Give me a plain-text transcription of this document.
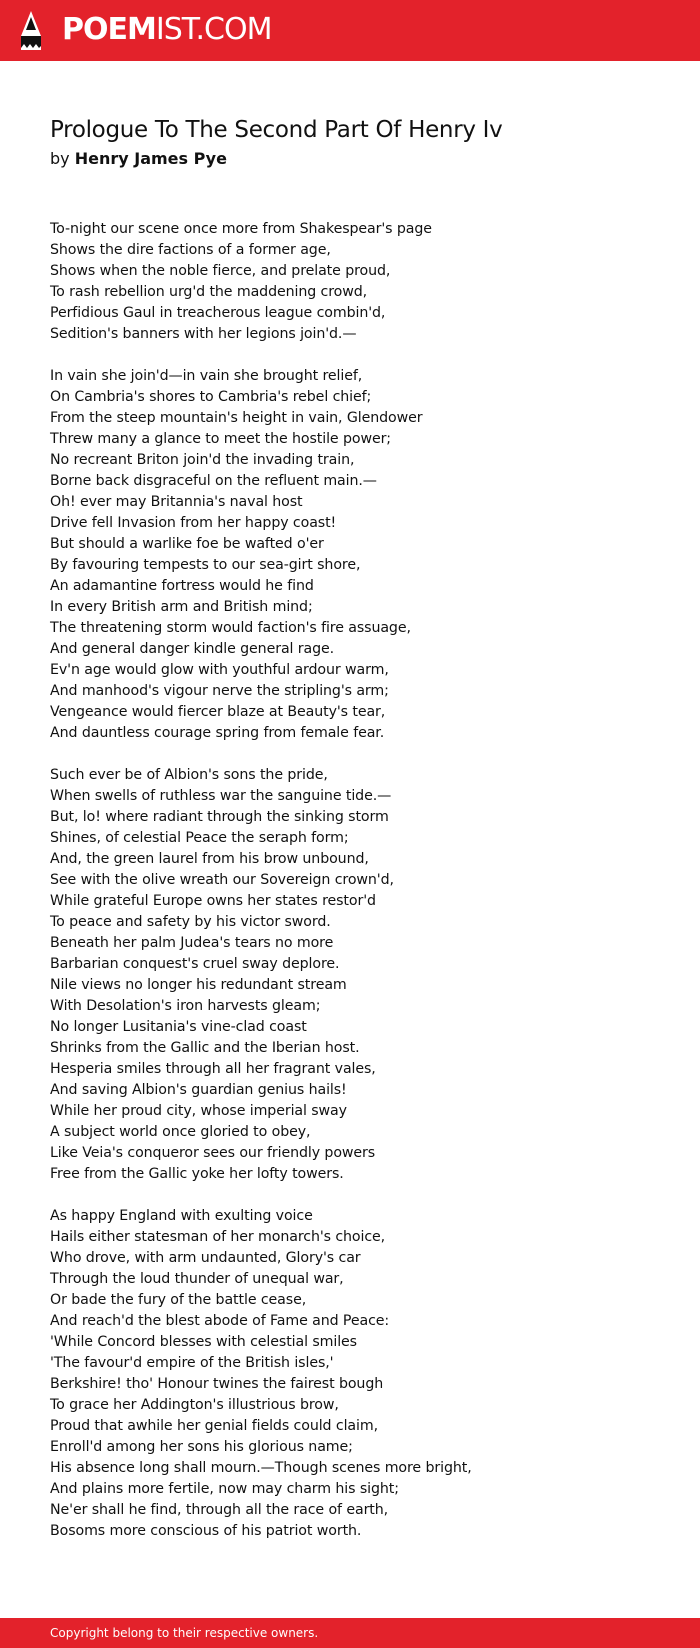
POEMIST.COM
Prologue To The Second Part Of Henry Iv
by Henry James Pye
To-night our scene once more from Shakespear's page
Shows the dire factions of a former age,
Shows when the noble fierce, and prelate proud,
To rash rebellion urg'd the maddening crowd,
Perfidious Gaul in treacherous league combin'd,
Sedition's banners with her legions join'd.—
In vain she join'd—in vain she brought relief,
On Cambria's shores to Cambria's rebel chief;
From the steep mountain's height in vain, Glendower
Threw many a glance to meet the hostile power;
No recreant Briton join'd the invading train,
Borne back disgraceful on the refluent main.—
Oh! ever may Britannia's naval host
Drive fell Invasion from her happy coast!
But should a warlike foe be wafted o'er
By favouring tempests to our sea-girt shore,
An adamantine fortress would he find
In every British arm and British mind;
The threatening storm would faction's fire assuage,
And general danger kindle general rage.
Ev'n age would glow with youthful ardour warm,
And manhood's vigour nerve the stripling's arm;
Vengeance would fiercer blaze at Beauty's tear,
And dauntless courage spring from female fear.
Such ever be of Albion's sons the pride,
When swells of ruthless war the sanguine tide.—
But, lo! where radiant through the sinking storm
Shines, of celestial Peace the seraph form;
And, the green laurel from his brow unbound,
See with the olive wreath our Sovereign crown'd,
While grateful Europe owns her states restor'd
To peace and safety by his victor sword.
Beneath her palm Judea's tears no more
Barbarian conquest's cruel sway deplore.
Nile views no longer his redundant stream
With Desolation's iron harvests gleam;
No longer Lusitania's vine-clad coast
Shrinks from the Gallic and the Iberian host.
Hesperia smiles through all her fragrant vales,
And saving Albion's guardian genius hails!
While her proud city, whose imperial sway
A subject world once gloried to obey,
Like Veia's conqueror sees our friendly powers
Free from the Gallic yoke her lofty towers.
As happy England with exulting voice
Hails either statesman of her monarch's choice,
Who drove, with arm undaunted, Glory's car
Through the loud thunder of unequal war,
Or bade the fury of the battle cease,
And reach'd the blest abode of Fame and Peace:
'While Concord blesses with celestial smiles
'The favour'd empire of the British isles,'
Berkshire! tho' Honour twines the fairest bough
To grace her Addington's illustrious brow,
Proud that awhile her genial fields could claim,
Enroll'd among her sons his glorious name;
His absence long shall mourn.—Though scenes more bright,
And plains more fertile, now may charm his sight;
Ne'er shall he find, through all the race of earth,
Bosoms more conscious of his patriot worth.
Copyright belong to their respective owners.
